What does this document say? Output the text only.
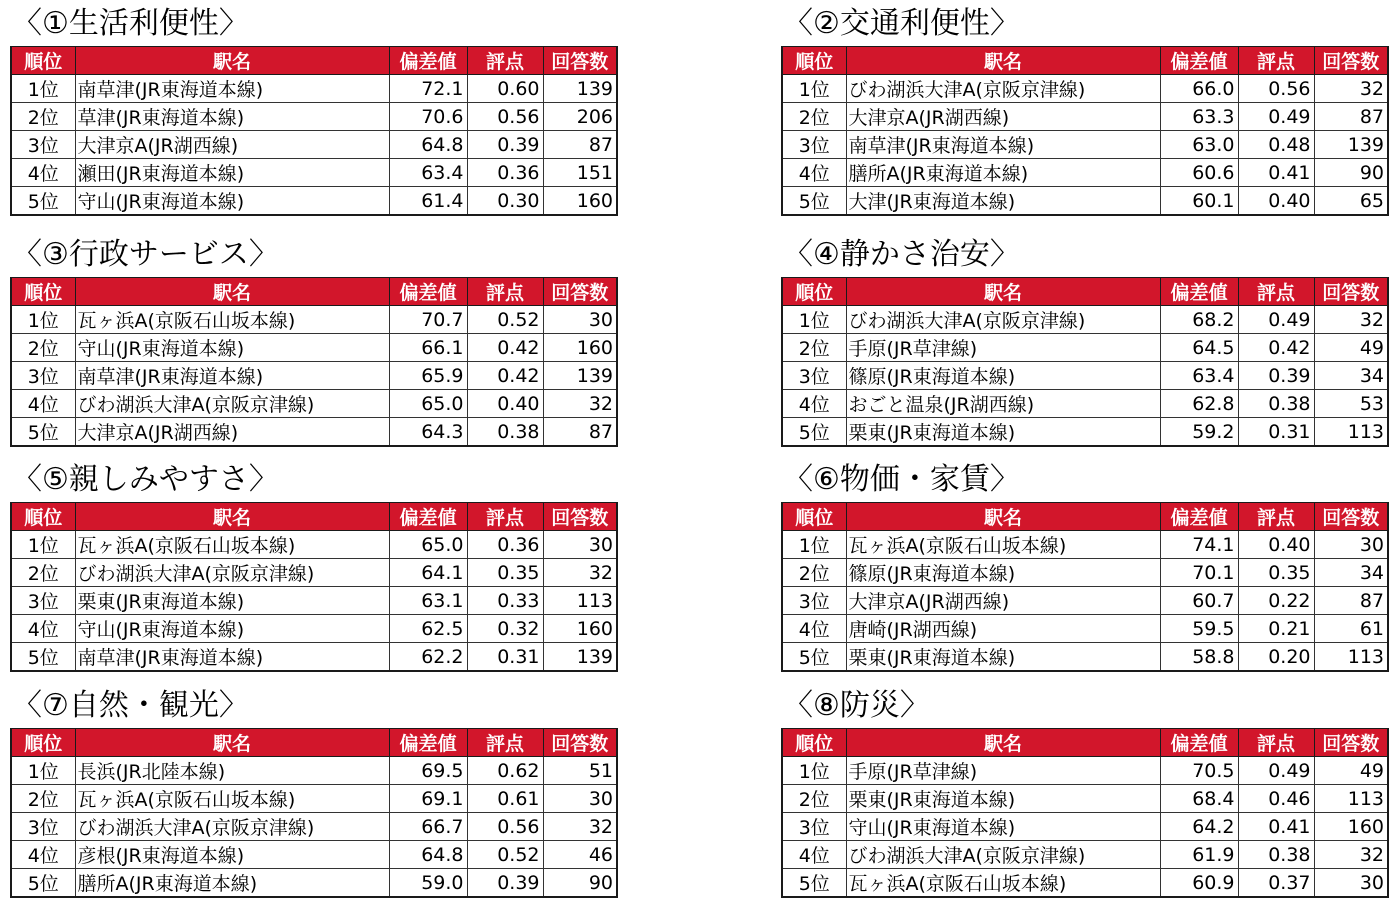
〈①生活利便性〉
順位	駅名	偏差値	評点	回答数
1位	南草津(JR東海道本線)	72.1	0.60	139
2位	草津(JR東海道本線)	70.6	0.56	206
3位	大津京A(JR湖西線)	64.8	0.39	87
4位	瀬田(JR東海道本線)	63.4	0.36	151
5位	守山(JR東海道本線)	61.4	0.30	160
〈②交通利便性〉
順位	駅名	偏差値	評点	回答数
1位	びわ湖浜大津A(京阪京津線)	66.0	0.56	32
2位	大津京A(JR湖西線)	63.3	0.49	87
3位	南草津(JR東海道本線)	63.0	0.48	139
4位	膳所A(JR東海道本線)	60.6	0.41	90
5位	大津(JR東海道本線)	60.1	0.40	65
〈③行政サービス〉
順位	駅名	偏差値	評点	回答数
1位	瓦ヶ浜A(京阪石山坂本線)	70.7	0.52	30
2位	守山(JR東海道本線)	66.1	0.42	160
3位	南草津(JR東海道本線)	65.9	0.42	139
4位	びわ湖浜大津A(京阪京津線)	65.0	0.40	32
5位	大津京A(JR湖西線)	64.3	0.38	87
〈④静かさ治安〉
順位	駅名	偏差値	評点	回答数
1位	びわ湖浜大津A(京阪京津線)	68.2	0.49	32
2位	手原(JR草津線)	64.5	0.42	49
3位	篠原(JR東海道本線)	63.4	0.39	34
4位	おごと温泉(JR湖西線)	62.8	0.38	53
5位	栗東(JR東海道本線)	59.2	0.31	113
〈⑤親しみやすさ〉
順位	駅名	偏差値	評点	回答数
1位	瓦ヶ浜A(京阪石山坂本線)	65.0	0.36	30
2位	びわ湖浜大津A(京阪京津線)	64.1	0.35	32
3位	栗東(JR東海道本線)	63.1	0.33	113
4位	守山(JR東海道本線)	62.5	0.32	160
5位	南草津(JR東海道本線)	62.2	0.31	139
〈⑥物価・家賃〉
順位	駅名	偏差値	評点	回答数
1位	瓦ヶ浜A(京阪石山坂本線)	74.1	0.40	30
2位	篠原(JR東海道本線)	70.1	0.35	34
3位	大津京A(JR湖西線)	60.7	0.22	87
4位	唐崎(JR湖西線)	59.5	0.21	61
5位	栗東(JR東海道本線)	58.8	0.20	113
〈⑦自然・観光〉
順位	駅名	偏差値	評点	回答数
1位	長浜(JR北陸本線)	69.5	0.62	51
2位	瓦ヶ浜A(京阪石山坂本線)	69.1	0.61	30
3位	びわ湖浜大津A(京阪京津線)	66.7	0.56	32
4位	彦根(JR東海道本線)	64.8	0.52	46
5位	膳所A(JR東海道本線)	59.0	0.39	90
〈⑧防災〉
順位	駅名	偏差値	評点	回答数
1位	手原(JR草津線)	70.5	0.49	49
2位	栗東(JR東海道本線)	68.4	0.46	113
3位	守山(JR東海道本線)	64.2	0.41	160
4位	びわ湖浜大津A(京阪京津線)	61.9	0.38	32
5位	瓦ヶ浜A(京阪石山坂本線)	60.9	0.37	30
